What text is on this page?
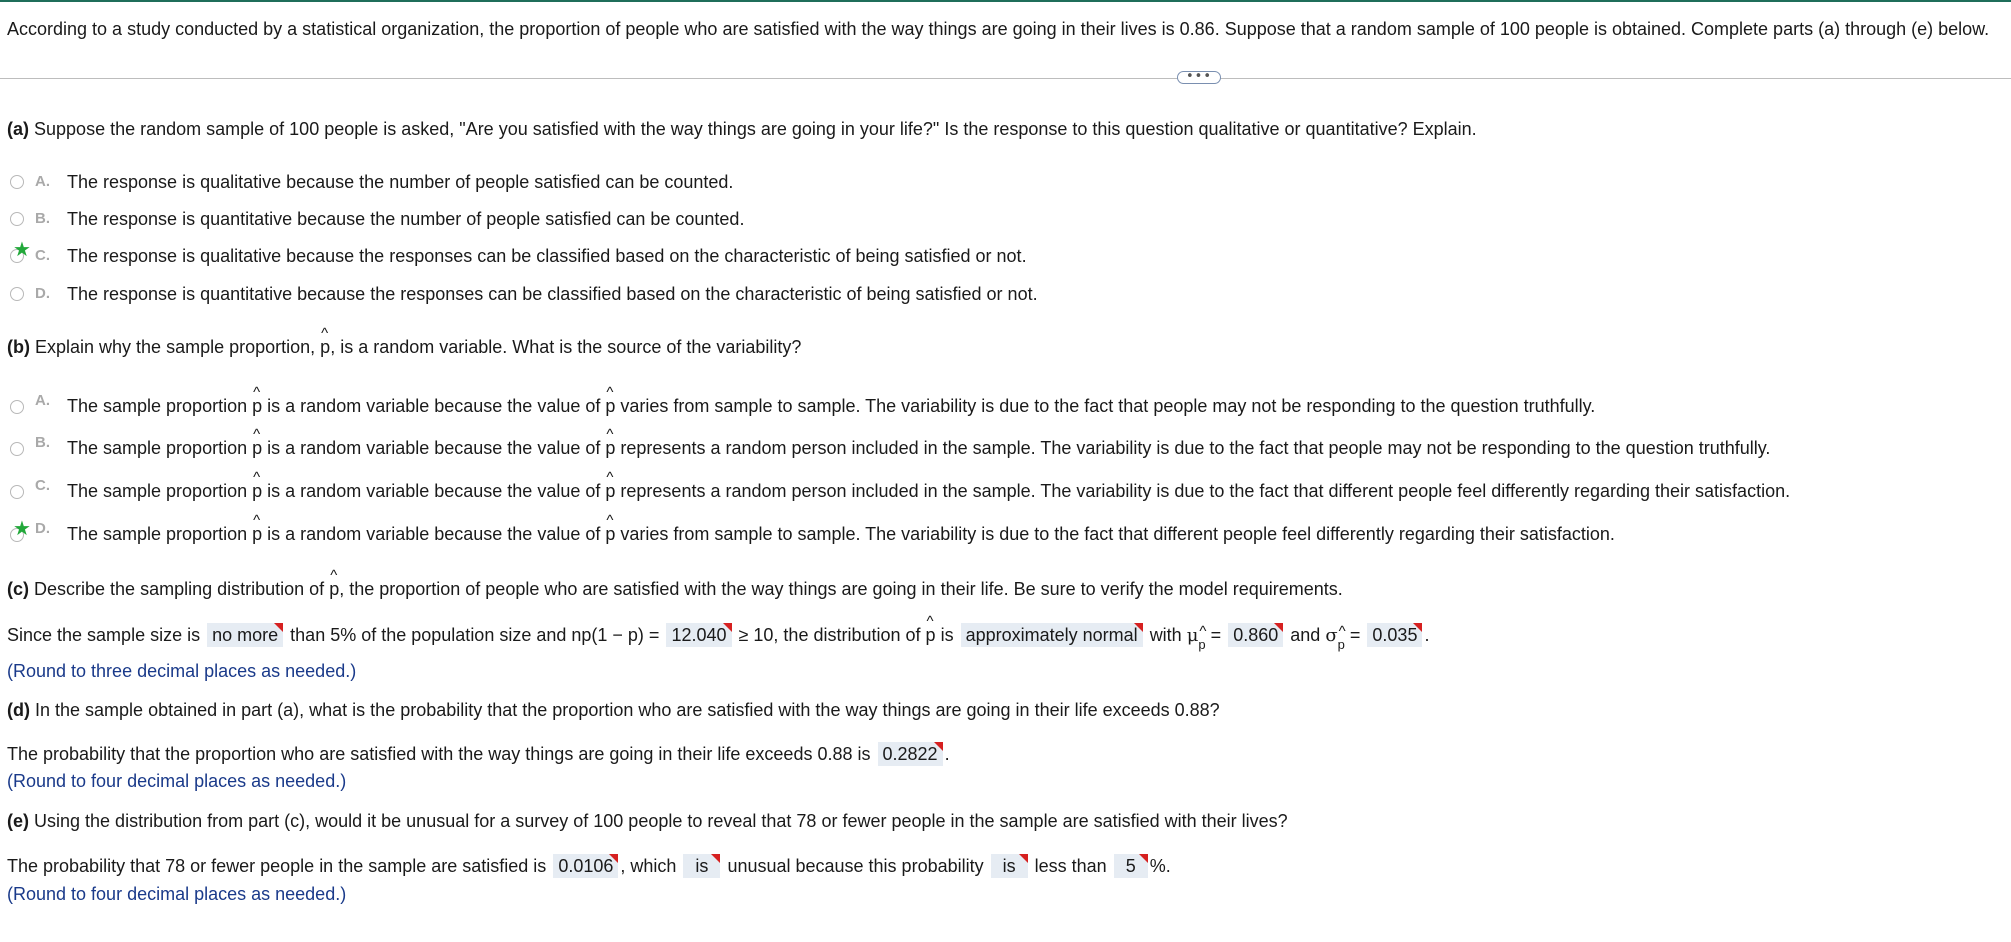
According to a study conducted by a statistical organization, the proportion of people who are satisfied with the way things are going in their lives is 0.86. Suppose that a random sample of 100 people is obtained. Complete parts (a) through (e) below.
•••
(a) Suppose the random sample of 100 people is asked, "Are you satisfied with the way things are going in your life?" Is the response to this question qualitative or quantitative? Explain.
A. The response is qualitative because the number of people satisfied can be counted.
B. The response is quantitative because the number of people satisfied can be counted.
★ C. The response is qualitative because the responses can be classified based on the characteristic of being satisfied or not.
D. The response is quantitative because the responses can be classified based on the characteristic of being satisfied or not.
(b) Explain why the sample proportion, ^ p, is a random variable. What is the source of the variability?
A. The sample proportion ^ p is a random variable because the value of ^ p varies from sample to sample. The variability is due to the fact that people may not be responding to the question truthfully.
B. The sample proportion ^ p is a random variable because the value of ^ p represents a random person included in the sample. The variability is due to the fact that people may not be responding to the question truthfully.
C. The sample proportion ^ p is a random variable because the value of ^ p represents a random person included in the sample. The variability is due to the fact that different people feel differently regarding their satisfaction.
★ D. The sample proportion ^ p is a random variable because the value of ^ p varies from sample to sample. The variability is due to the fact that different people feel differently regarding their satisfaction.
(c) Describe the sampling distribution of ^ p, the proportion of people who are satisfied with the way things are going in their life. Be sure to verify the model requirements.
Since the sample size is no more than 5% of the population size and np(1 − p) = 12.040 ≥ 10, the distribution of ^ p is approximately normal with μ^ $_p$ = 0.860 and σ^ $_p$ = 0.035 .
(Round to three decimal places as needed.)
(d) In the sample obtained in part (a), what is the probability that the proportion who are satisfied with the way things are going in their life exceeds 0.88?
The probability that the proportion who are satisfied with the way things are going in their life exceeds 0.88 is 0.2822 .
(Round to four decimal places as needed.)
(e) Using the distribution from part (c), would it be unusual for a survey of 100 people to reveal that 78 or fewer people in the sample are satisfied with their lives?
The probability that 78 or fewer people in the sample are satisfied is 0.0106 , which is unusual because this probability is less than 5 %.
(Round to four decimal places as needed.)
